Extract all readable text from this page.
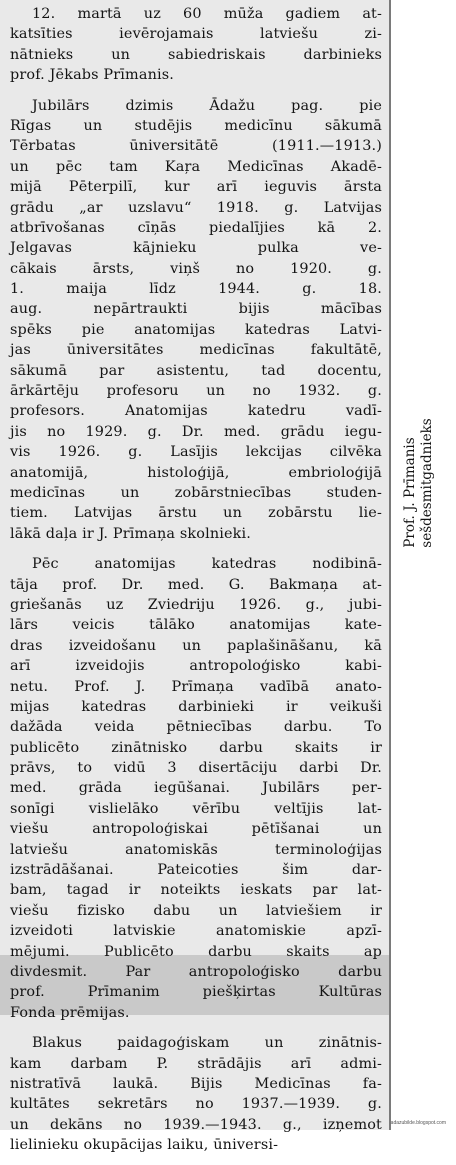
12. martā uz 60 mūža gadiem at-
katsīties ievērojamais latviešu zi-
nātnieks un sabiedriskais darbinieks
prof. Jēkabs Prīmanis.
Jubilārs dzimis Ādažu pag. pie
Rīgas un studējis medicīnu sākumā
Tērbatas ūniversitātē (1911.—1913.)
un pēc tam Kaŗa Medicīnas Akadē-
mijā Pēterpilī, kur arī ieguvis ārsta
grādu „ar uzslavu“ 1918. g. Latvijas
atbrīvošanas cīņās piedalījies kā 2.
Jelgavas kājnieku pulka ve-
cākais ārsts, viņš no 1920. g.
1. maija līdz 1944. g. 18.
aug. nepārtraukti bijis mācības
spēks pie anatomijas katedras Latvi-
jas ūniversitātes medicīnas fakultātē,
sākumā par asistentu, tad docentu,
ārkārtēju profesoru un no 1932. g.
profesors. Anatomijas katedru vadī-
jis no 1929. g. Dr. med. grādu iegu-
vis 1926. g. Lasījis lekcijas cilvēka
anatomijā, histoloģijā, embrioloģijā
medicīnas un zobārstniecības studen-
tiem. Latvijas ārstu un zobārstu lie-
lākā daļa ir J. Prīmaņa skolnieki.
Pēc anatomijas katedras nodibinā-
tāja prof. Dr. med. G. Bakmaņa at-
griešanās uz Zviedriju 1926. g., jubi-
lārs veicis tālāko anatomijas kate-
dras izveidošanu un paplašināšanu, kā
arī izveidojis antropoloģisko kabi-
netu. Prof. J. Prīmaņa vadībā anato-
mijas katedras darbinieki ir veikuši
dažāda veida pētniecības darbu. To
publicēto zinātnisko darbu skaits ir
prāvs, to vidū 3 disertāciju darbi Dr.
med. grāda iegūšanai. Jubilārs per-
sonīgi vislielāko vērību veltījis lat-
viešu antropoloģiskai pētīšanai un
latviešu anatomiskās terminoloģijas
izstrādāšanai. Pateicoties šim dar-
bam, tagad ir noteikts ieskats par lat-
viešu fizisko dabu un latviešiem ir
izveidoti latviskie anatomiskie apzī-
mējumi. Publicēto darbu skaits ap
divdesmit. Par antropoloģisko darbu
prof. Prīmanim piešķirtas Kultūras
Fonda prēmijas.
Blakus paidagoģiskam un zinātnis-
kam darbam P. strādājis arī admi-
nistratīvā laukā. Bijis Medicīnas fa-
kultātes sekretārs no 1937.—1939. g.
un dekāns no 1939.—1943. g., izņemot
lielinieku okupācijas laiku, ūniversi-
Prof. J. Prīmanis sešdesmitgadnieks
adazubilde.blogspot.com
